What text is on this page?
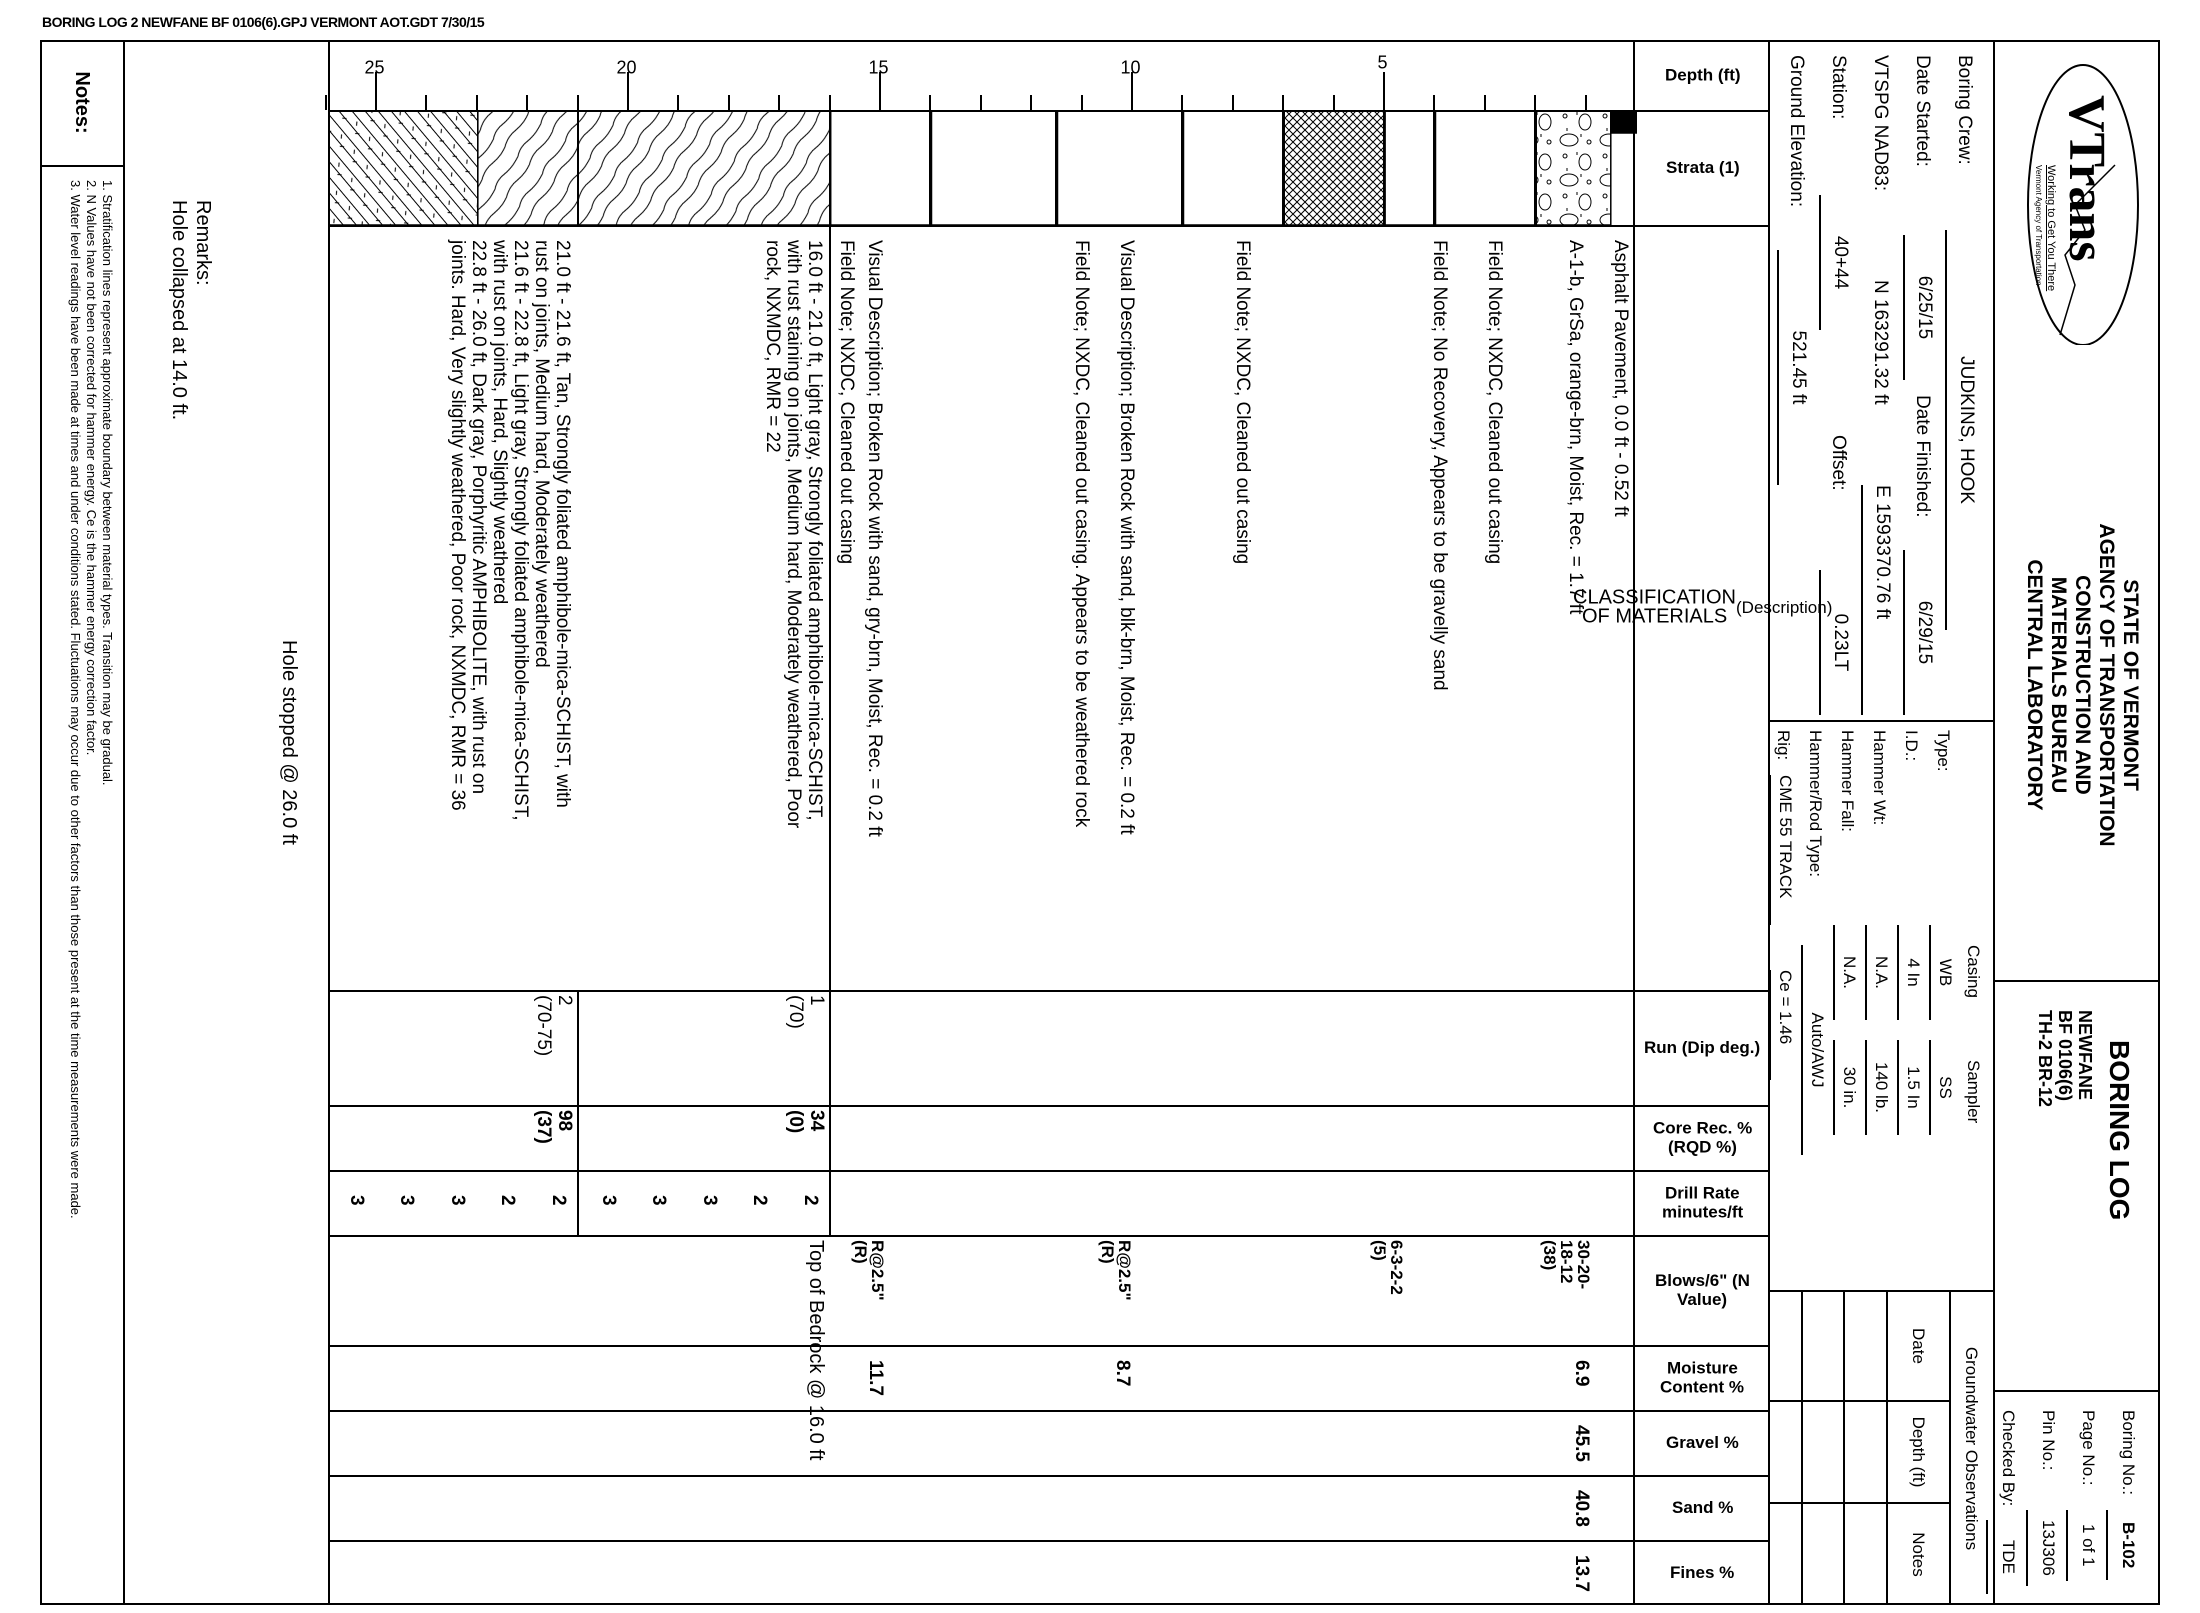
BORING LOG 2 NEWFANE BF 0106(6).GPJ VERMONT AOT.GDT 7/30/15
VTrans
Working to Get You There
Vermont Agency of Transportation
STATE OF VERMONT
AGENCY OF TRANSPORTATION
CONSTRUCTION AND
MATERIALS BUREAU
CENTRAL LABORATORY
BORING LOG
NEWFANE
BF 0106(6)
TH-2 BR-12
Boring No.:
B-102
Page No.:
1 of 1
Pin No.:
13J306
Checked By:
TDE
Boring Crew:
JUDKINS, HOOK
Date Started:
6/25/15
Date Finished:
6/29/15
VTSPG NAD83:
N 163291.32 ft
E 1593370.76 ft
Station:
40+44
Offset:
0.23LT
Ground Elevation:
521.45 ft
Casing
Sampler
Type:
WB
SS
I.D.:
4 In
1.5 In
Hammer Wt:
N.A.
140 lb.
Hammer Fall:
N.A.
30 in.
Hammer/Rod Type:
Auto/AWJ
Rig:
CME 55 TRACK
Ce = 1.46
Groundwater Observations
Date
Depth (ft)
Notes
Depth (ft)
Strata (1)
CLASSIFICATION OF MATERIALS (Description)
Run (Dip deg.)
Core Rec. % (RQD %)
Drill Rate minutes/ft
Blows/6" (N Value)
Moisture Content %
Gravel %
Sand %
Fines %
5
10
15
20
25
Asphalt Pavement, 0.0 ft - 0.52 ft
A-1-b, GrSa, orange-brn, Moist, Rec. = 1.7 ft
Field Note; NXDC, Cleaned out casing
Field Note; No Recovery, Appears to be gravelly sand
Field Note; NXDC, Cleaned out casing
Visual Description; Broken Rock with sand, blk-brn, Moist, Rec. = 0.2 ft
Field Note; NXDC, Cleaned out casing. Appears to be weathered rock
Visual Description; Broken Rock with sand, gry-brn, Moist, Rec. = 0.2 ft
Field Note; NXDC, Cleaned out casing
16.0 ft - 21.0 ft, Light gray, Strongly foliated amphibole-mica-SCHIST,
with rust staining on joints, Medium hard, Moderately weathered, Poor
rock, NXMDC, RMR = 22
21.0 ft - 21.6 ft, Tan, Strongly foliated amphibole-mica-SCHIST, with
rust on joints, Medium hard, Moderately weathered
21.6 ft - 22.8 ft, Light gray, Strongly foliated amphibole-mica-SCHIST,
with rust on joints, Hard, Slightly weathered
22.8 ft - 26.0 ft, Dark gray, Porphyritic AMPHIBOLITE, with rust on
joints. Hard, Very slightly weathered, Poor rock, NXMDC, RMR = 36
1
(70)
34
(0)
2
(70-75)
98
(37)
2
2
3
3
3
2
2
3
3
3
30-20-
18-12
(38)
6.9
45.5
40.8
13.7
6-3-2-2
(5)
R@2.5"
(R)
8.7
R@2.5"
(R)
11.7
Top of Bedrock @ 16.0 ft
Hole stopped @ 26.0 ft
Remarks:
Hole collapsed at 14.0 ft.
Notes:
1. Stratification lines represent approximate boundary between material types. Transition may be gradual.
2. N Values have not been corrected for hammer energy. Ce is the hammer energy correction factor.
3. Water level readings have been made at times and under conditions stated. Fluctuations may occur due to other factors than those present at the time measurements were made.
